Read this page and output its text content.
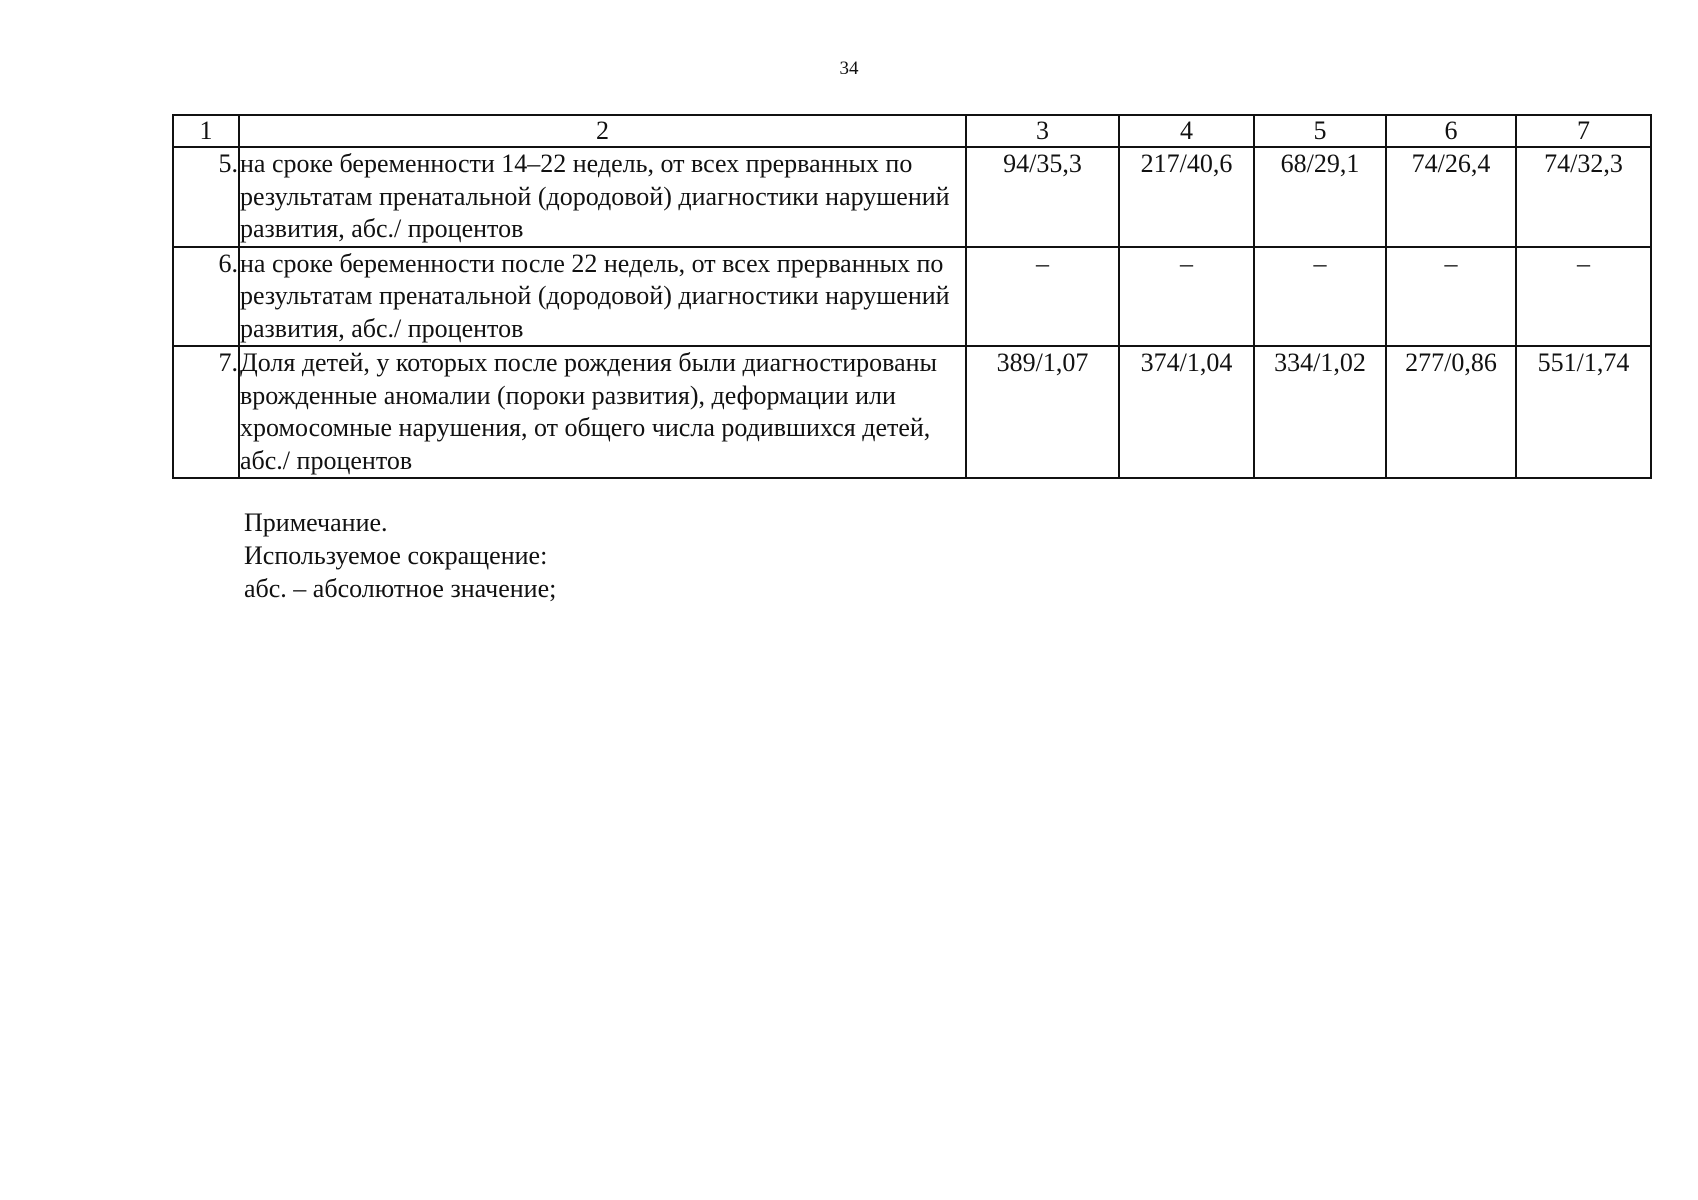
34
1	2	3	4	5	6	7
5.	на сроке беременности 14–22 недель, от всех прерванных по результатам пренатальной (дородовой) диагностики нарушений развития, абс./ процентов	94/35,3	217/40,6	68/29,1	74/26,4	74/32,3
6.	на сроке беременности после 22 недель, от всех прерванных по результатам пренатальной (дородовой) диагностики нарушений развития, абс./ процентов	–	–	–	–	–
7.	Доля детей, у которых после рождения были диагностированы врожденные аномалии (пороки развития), деформации или хромосомные нарушения, от общего числа родившихся детей, абс./ процентов	389/1,07	374/1,04	334/1,02	277/0,86	551/1,74
Примечание.
Используемое сокращение:
абс. – абсолютное значение;
